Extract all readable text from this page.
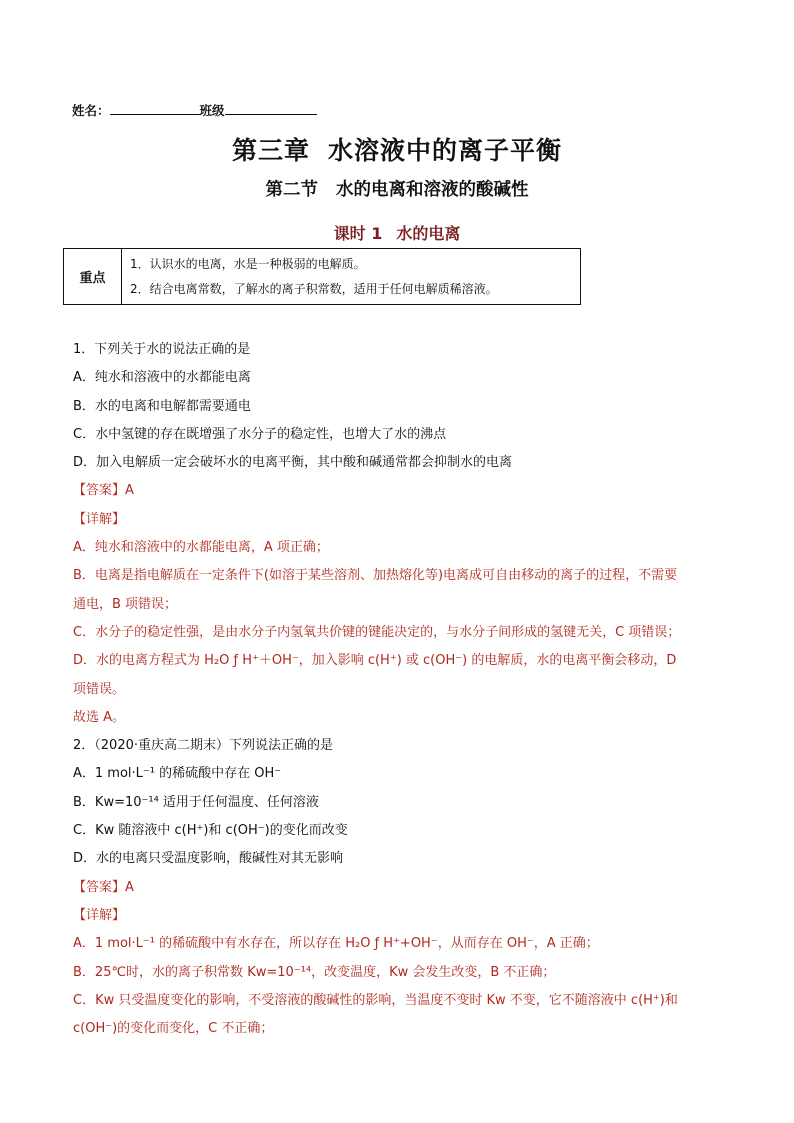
姓名：	班级
第三章 水溶液中的离子平衡
第二节 水的电离和溶液的酸碱性
课时 1 水的电离
重点
1．认识水的电离，水是一种极弱的电解质。
2．结合电离常数，了解水的离子积常数，适用于任何电解质稀溶液。
1．下列关于水的说法正确的是
A．纯水和溶液中的水都能电离
B．水的电离和电解都需要通电
C．水中氢键的存在既增强了水分子的稳定性，也增大了水的沸点
D．加入电解质一定会破坏水的电离平衡，其中酸和碱通常都会抑制水的电离
【答案】A
【详解】
A．纯水和溶液中的水都能电离，A 项正确；
B．电离是指电解质在一定条件下(如溶于某些溶剂、加热熔化等)电离成可自由移动的离子的过程，不需要
通电，B 项错误；
C．水分子的稳定性强，是由水分子内氢氧共价键的键能决定的，与水分子间形成的氢键无关，C 项错误；
D．水的电离方程式为 H₂O ƒ H⁺＋OH⁻，加入影响 c(H⁺) 或 c(OH⁻) 的电解质，水的电离平衡会移动，D
项错误。
故选 A。
2．（2020·重庆高二期末）下列说法正确的是
A．1 mol·L⁻¹ 的稀硫酸中存在 OH⁻
B．Kw=10⁻¹⁴ 适用于任何温度、任何溶液
C．Kw 随溶液中 c(H⁺)和 c(OH⁻)的变化而改变
D．水的电离只受温度影响，酸碱性对其无影响
【答案】A
【详解】
A．1 mol·L⁻¹ 的稀硫酸中有水存在，所以存在 H₂O ƒ H⁺+OH⁻，从而存在 OH⁻，A 正确；
B．25℃时，水的离子积常数 Kw=10⁻¹⁴，改变温度，Kw 会发生改变，B 不正确；
C．Kw 只受温度变化的影响，不受溶液的酸碱性的影响，当温度不变时 Kw 不变，它不随溶液中 c(H⁺)和
c(OH⁻)的变化而变化，C 不正确；
